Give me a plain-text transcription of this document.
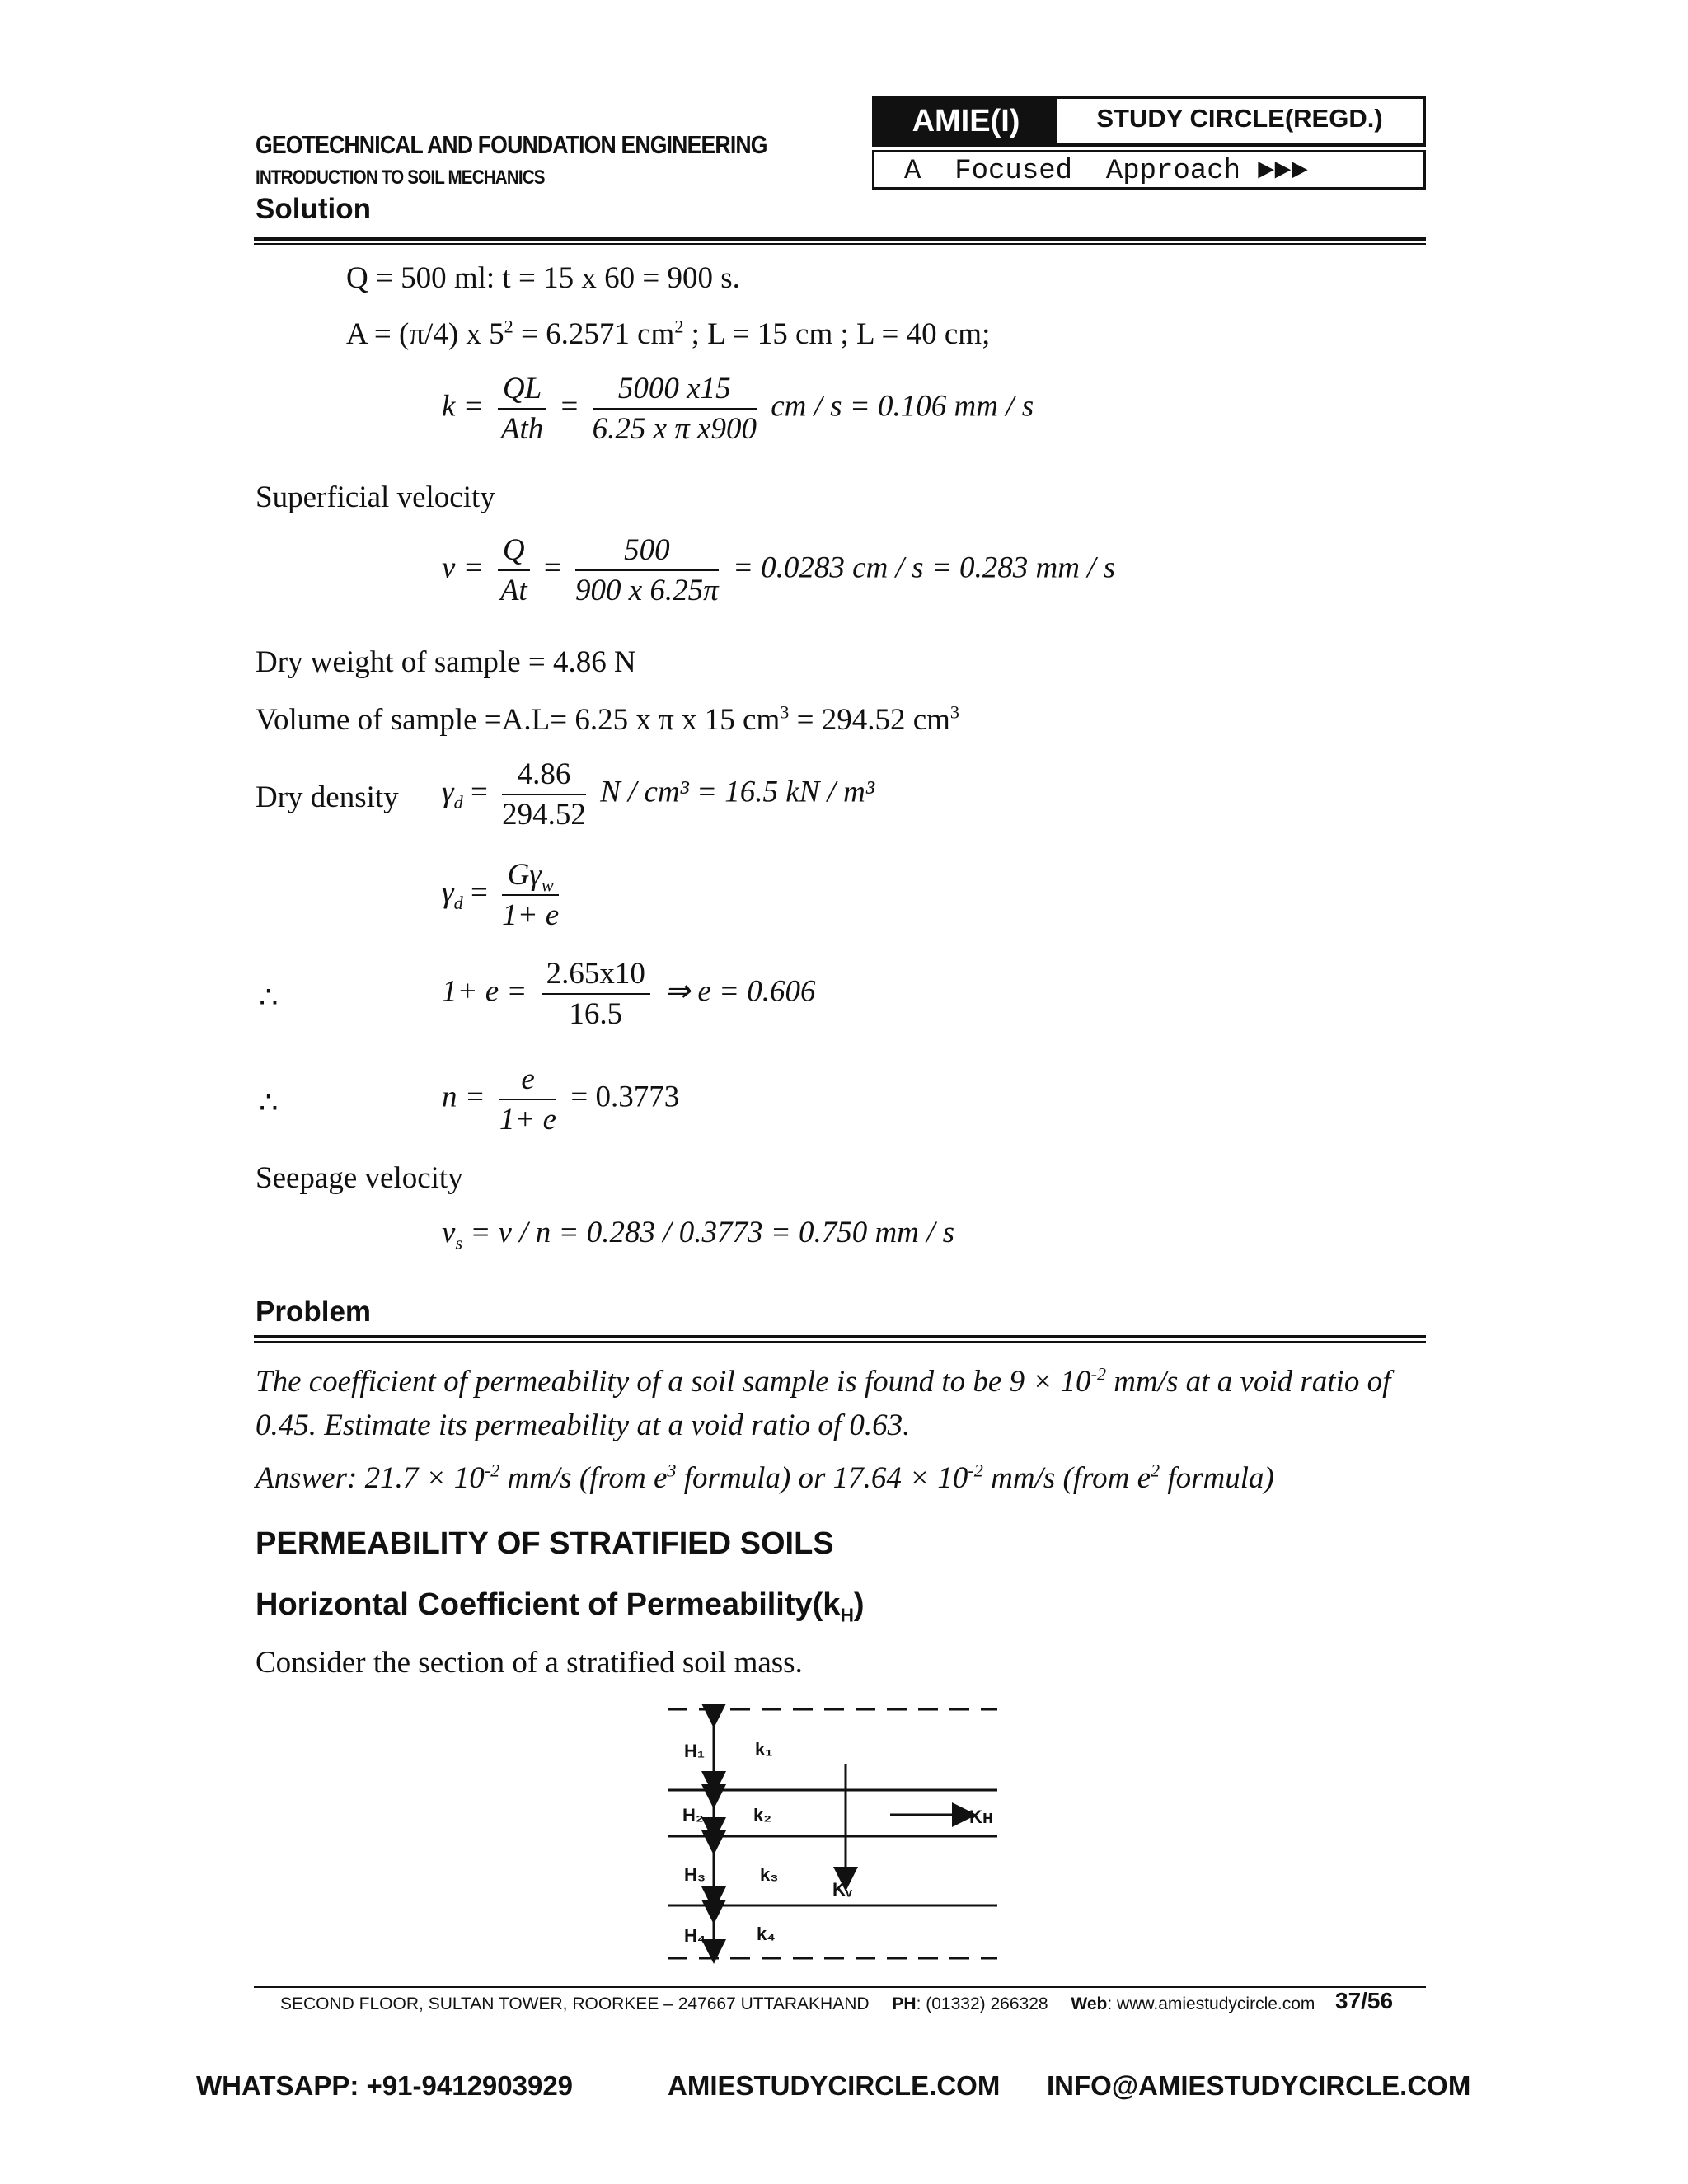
GEOTECHNICAL AND FOUNDATION ENGINEERING
INTRODUCTION TO SOIL MECHANICS
Solution
AMIE(I)	STUDY CIRCLE(REGD.)
A  Focused  Approach ►►►
Q = 500 ml: t = 15 x 60 = 900 s.
A = (π/4) x $5^2 = 6.2571$ $cm^2$ ; L = 15 cm ; L = 40 cm;
$k = \frac{QL}{\text{Ath}} = \frac{5000 x15}{\text{6.25 x π x900}}$ cm / s = 0.106 mm / s
Superficial velocity
$v = \frac{Q}{At} = \frac{500}{900 x 6.25\pi} = 0.0283$ cm / s = 0.283 mm / s
Dry weight of sample = 4.86 N
Volume of sample =A.L= 6.25 x π x 15 $cm^3 = 294.52$ $cm^3$
Dry density $\gamma_d = \frac{4.86}{294.52}$ N / cm³ = 16.5 kN / m³
$\gamma_d = \frac{G\gamma_w}{1+ e}$
∴	$1+ e = \frac{2.65x10}{16.5}$ ⇒ e = 0.606
∴	$n = \frac{e}{1+ e} = 0.3773$
Seepage velocity
$v_s = v / n = 0.283 / 0.3773 = 0.750$ mm / s
Problem
The coefficient of permeability of a soil sample is found to be $9 \times 10^{-2}$ mm/s at a void ratio of
0.45. Estimate its permeability at a void ratio of 0.63.
Answer: $21.7 \times 10^{-2}$ mm/s (from $e^3$ formula) or $17.64 \times 10^{-2}$ mm/s (from $e^2$ formula)
PERMEABILITY OF STRATIFIED SOILS
Horizontal Coefficient of $Permeability(k_H)$
Consider the section of a stratified soil mass.
H₁
H₂
H₃
H₄
k₁
k₂
k₃
k₄
Kʜ
Kᵥ
SECOND FLOOR, SULTAN TOWER, ROORKEE – 247667 UTTARAKHAND PH: (01332) 266328 Web: www.amiestudycircle.com 37/56
WHATSAPP: +91-9412903929	AMIESTUDYCIRCLE.COM INFO@AMIESTUDYCIRCLE.COM
